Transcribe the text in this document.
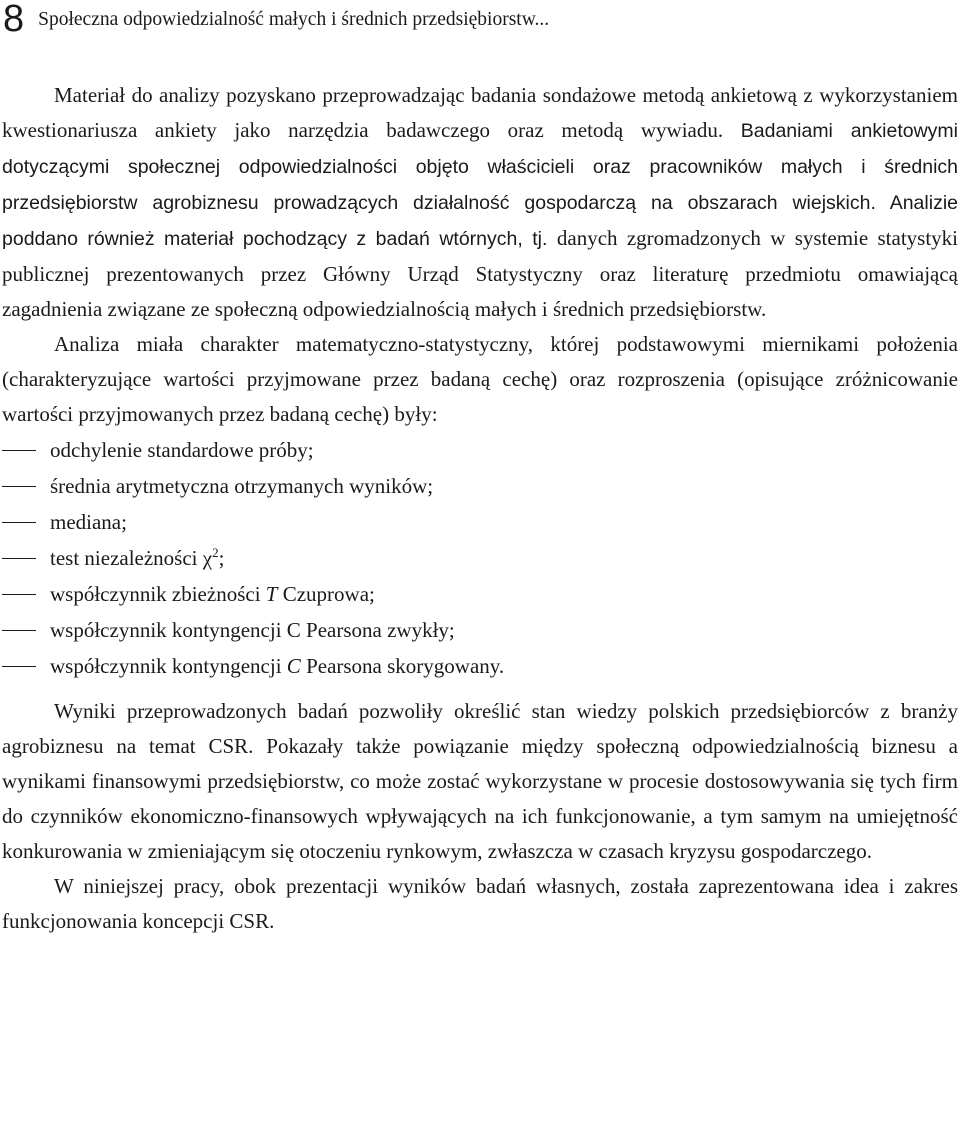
8 Społeczna odpowiedzialność małych i średnich przedsiębiorstw...

Materiał do analizy pozyskano przeprowadzając badania sondażowe metodą ankietową z wykorzystaniem kwestionariusza ankiety jako narzędzia badawczego oraz metodą wywiadu. Badaniami ankietowymi dotyczącymi społecznej odpowiedzialności objęto właścicieli oraz pracowników małych i średnich przedsiębiorstw agrobiznesu prowadzących działalność gospodarczą na obszarach wiejskich. Analizie poddano również materiał pochodzący z badań wtórnych, tj. danych zgromadzonych w systemie statystyki publicznej prezentowanych przez Główny Urząd Statystyczny oraz literaturę przedmiotu omawiającą zagadnienia związane ze społeczną odpowiedzialnością małych i średnich przedsiębiorstw.

Analiza miała charakter matematyczno-statystyczny, której podstawowymi miernikami położenia (charakteryzujące wartości przyjmowane przez badaną cechę) oraz rozproszenia (opisujące zróżnicowanie wartości przyjmowanych przez badaną cechę) były:

odchylenie standardowe próby;
średnia arytmetyczna otrzymanych wyników;
mediana;
test niezależności $\chi^2$;
współczynnik zbieżności T Czuprowa;
współczynnik kontyngencji C Pearsona zwykły;
współczynnik kontyngencji C Pearsona skorygowany.

Wyniki przeprowadzonych badań pozwoliły określić stan wiedzy polskich przedsiębiorców z branży agrobiznesu na temat CSR. Pokazały także powiązanie między społeczną odpowiedzialnością biznesu a wynikami finansowymi przedsiębiorstw, co może zostać wykorzystane w procesie dostosowywania się tych firm do czynników ekonomiczno-finansowych wpływających na ich funkcjonowanie, a tym samym na umiejętność konkurowania w zmieniającym się otoczeniu rynkowym, zwłaszcza w czasach kryzysu gospodarczego.

W niniejszej pracy, obok prezentacji wyników badań własnych, została zaprezentowana idea i zakres funkcjonowania koncepcji CSR.
